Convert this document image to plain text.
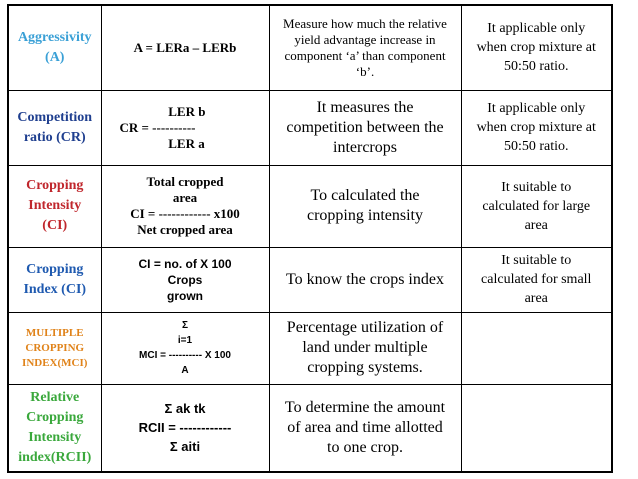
Aggressivity
(A)	A = LERa – LERb	Measure how much the relative
yield advantage increase in
component ‘a’ than component
‘b’.	It applicable only
when crop mixture at
50:50 ratio.

Competition
ratio (CR)	LER b
CR = ----------
LER a	It measures the
competition between the
intercrops	It applicable only
when crop mixture at
50:50 ratio.

Cropping
Intensity
(CI)	Total cropped
area
CI = ------------ x100
Net cropped area	To calculated the
cropping intensity	It suitable to
calculated for large
area

Cropping
Index (CI)	CI = no. of X 100
Crops
grown	To know the crops index	It suitable to
calculated for small
area

MULTIPLE
CROPPING
INDEX(MCI)	Σ
i=1
MCI = ---------- X 100
A	Percentage utilization of
land under multiple
cropping systems.	

Relative
Cropping
Intensity
index(RCII)	Σ ak tk
RCII = ------------
Σ aiti	To determine the amount
of area and time allotted
to one crop.	
